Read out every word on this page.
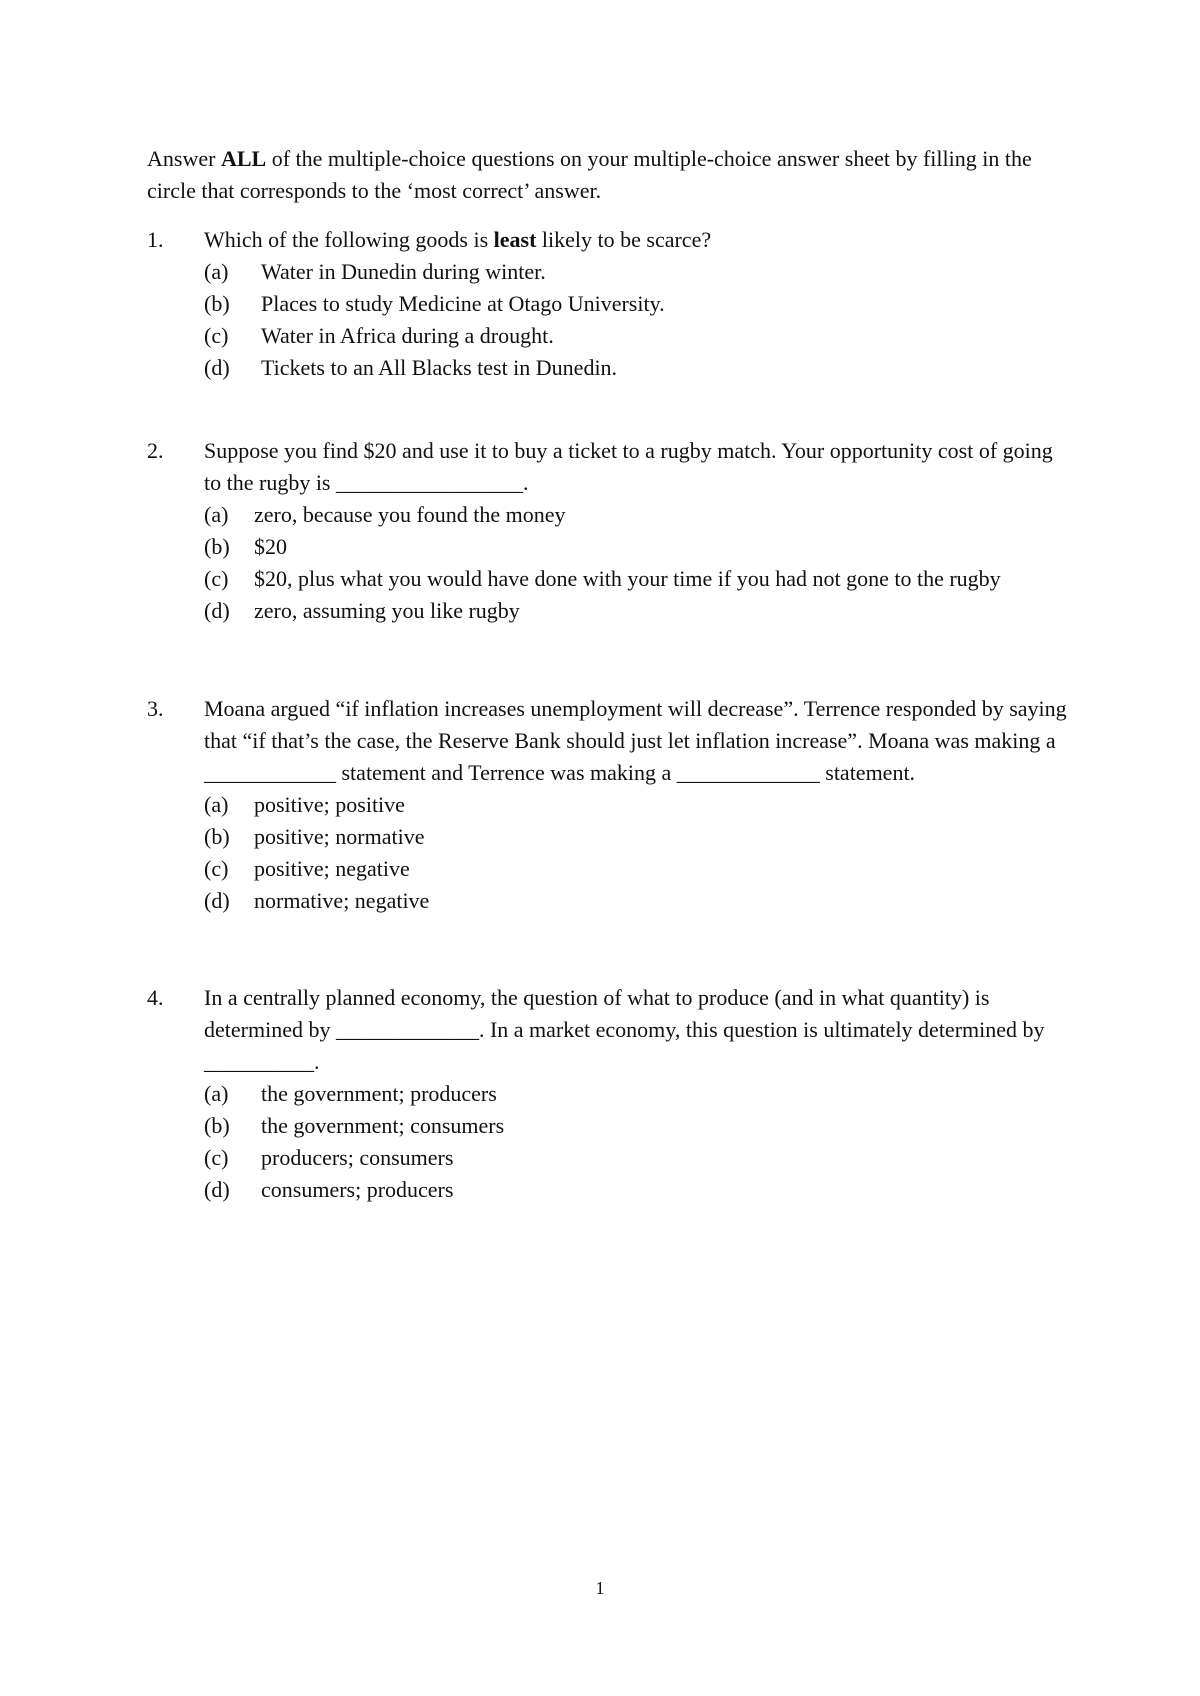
Answer ALL of the multiple-choice questions on your multiple-choice answer sheet by filling in the circle that corresponds to the ‘most correct’ answer.

1.	Which of the following goods is least likely to be scarce?
(a)	Water in Dunedin during winter.
(b)	Places to study Medicine at Otago University.
(c)	Water in Africa during a drought.
(d)	Tickets to an All Blacks test in Dunedin.
2.	Suppose you find $20 and use it to buy a ticket to a rugby match. Your opportunity cost of going to the rugby is _________________.
(a)	zero, because you found the money
(b)	$20
(c)	$20, plus what you would have done with your time if you had not gone to the rugby
(d)	zero, assuming you like rugby
3.	Moana argued “if inflation increases unemployment will decrease”. Terrence responded by saying that “if that’s the case, the Reserve Bank should just let inflation increase”. Moana was making a ____________ statement and Terrence was making a _____________ statement.
(a)	positive; positive
(b)	positive; normative
(c)	positive; negative
(d)	normative; negative
4.	In a centrally planned economy, the question of what to produce (and in what quantity) is determined by _____________. In a market economy, this question is ultimately determined by __________.
(a)	the government; producers
(b)	the government; consumers
(c)	producers; consumers
(d)	consumers; producers
1
